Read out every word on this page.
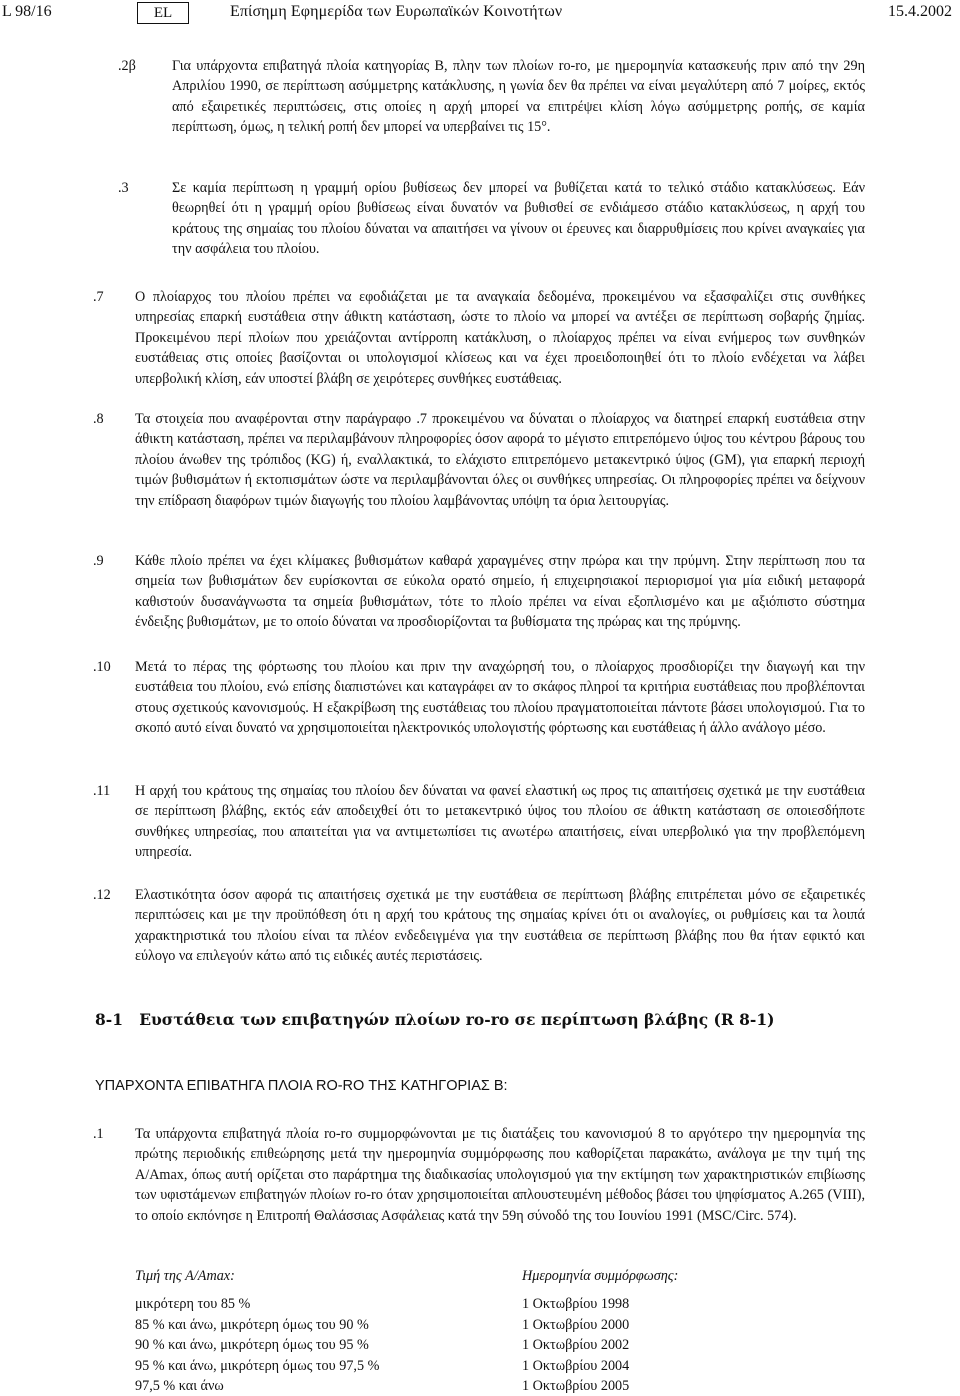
L 98/16	EL	Επίσημη Εφημερίδα των Ευρωπαϊκών Κοινοτήτων	15.4.2002
.2β	Για υπάρχοντα επιβατηγά πλοία κατηγορίας Β, πλην των πλοίων ro-ro, με ημερομηνία κατασκευής πριν από την 29η Απριλίου 1990, σε περίπτωση ασύμμετρης κατάκλυσης, η γωνία δεν θα πρέπει να είναι μεγαλύτερη από 7 μοίρες, εκτός από εξαιρετικές περιπτώσεις, στις οποίες η αρχή μπορεί να επιτρέψει κλίση λόγω ασύμμετρης ροπής, σε καμία περίπτωση, όμως, η τελική ροπή δεν μπορεί να υπερβαίνει τις 15°.
.3	Σε καμία περίπτωση η γραμμή ορίου βυθίσεως δεν μπορεί να βυθίζεται κατά το τελικό στάδιο κατακλύσεως. Εάν θεωρηθεί ότι η γραμμή ορίου βυθίσεως είναι δυνατόν να βυθισθεί σε ενδιάμεσο στάδιο κατακλύσεως, η αρχή του κράτους της σημαίας του πλοίου δύναται να απαιτήσει να γίνουν οι έρευνες και διαρρυθμίσεις που κρίνει αναγκαίες για την ασφάλεια του πλοίου.
.7 Ο πλοίαρχος του πλοίου πρέπει να εφοδιάζεται με τα αναγκαία δεδομένα, προκειμένου να εξασφαλίζει στις συνθήκες υπηρεσίας επαρκή ευστάθεια στην άθικτη κατάσταση, ώστε το πλοίο να μπορεί να αντέξει σε περίπτωση σοβαρής ζημίας. Προκειμένου περί πλοίων που χρειάζονται αντίρροπη κατάκλυση, ο πλοίαρχος πρέπει να είναι ενήμερος των συνθηκών ευστάθειας στις οποίες βασίζονται οι υπολογισμοί κλίσεως και να έχει προειδοποιηθεί ότι το πλοίο ενδέχεται να λάβει υπερβολική κλίση, εάν υποστεί βλάβη σε χειρότερες συνθήκες ευστάθειας.
.8 Τα στοιχεία που αναφέρονται στην παράγραφο .7 προκειμένου να δύναται ο πλοίαρχος να διατηρεί επαρκή ευστάθεια στην άθικτη κατάσταση, πρέπει να περιλαμβάνουν πληροφορίες όσον αφορά το μέγιστο επιτρεπόμενο ύψος του κέντρου βάρους του πλοίου άνωθεν της τρόπιδος (KG) ή, εναλλακτικά, το ελάχιστο επιτρεπόμενο μετακεντρικό ύψος (GM), για επαρκή περιοχή τιμών βυθισμάτων ή εκτοπισμάτων ώστε να περιλαμβάνονται όλες οι συνθήκες υπηρεσίας. Οι πληροφορίες πρέπει να δείχνουν την επίδραση διαφόρων τιμών διαγωγής του πλοίου λαμβάνοντας υπόψη τα όρια λειτουργίας.
.9 Κάθε πλοίο πρέπει να έχει κλίμακες βυθισμάτων καθαρά χαραγμένες στην πρώρα και την πρύμνη. Στην περίπτωση που τα σημεία των βυθισμάτων δεν ευρίσκονται σε εύκολα ορατό σημείο, ή επιχειρησιακοί περιορισμοί για μία ειδική μεταφορά καθιστούν δυσανάγνωστα τα σημεία βυθισμάτων, τότε το πλοίο πρέπει να είναι εξοπλισμένο και με αξιόπιστο σύστημα ένδειξης βυθισμάτων, με το οποίο δύναται να προσδιορίζονται τα βυθίσματα της πρώρας και της πρύμνης.
.10 Μετά το πέρας της φόρτωσης του πλοίου και πριν την αναχώρησή του, ο πλοίαρχος προσδιορίζει την διαγωγή και την ευστάθεια του πλοίου, ενώ επίσης διαπιστώνει και καταγράφει αν το σκάφος πληροί τα κριτήρια ευστάθειας που προβλέπονται στους σχετικούς κανονισμούς. Η εξακρίβωση της ευστάθειας του πλοίου πραγματοποιείται πάντοτε βάσει υπολογισμού. Για το σκοπό αυτό είναι δυνατό να χρησιμοποιείται ηλεκτρονικός υπολογιστής φόρτωσης και ευστάθειας ή άλλο ανάλογο μέσο.
.11 Η αρχή του κράτους της σημαίας του πλοίου δεν δύναται να φανεί ελαστική ως προς τις απαιτήσεις σχετικά με την ευστάθεια σε περίπτωση βλάβης, εκτός εάν αποδειχθεί ότι το μετακεντρικό ύψος του πλοίου σε άθικτη κατάσταση σε οποιεσδήποτε συνθήκες υπηρεσίας, που απαιτείται για να αντιμετωπίσει τις ανωτέρω απαιτήσεις, είναι υπερβολικό για την προβλεπόμενη υπηρεσία.
.12 Ελαστικότητα όσον αφορά τις απαιτήσεις σχετικά με την ευστάθεια σε περίπτωση βλάβης επιτρέπεται μόνο σε εξαιρετικές περιπτώσεις και με την προϋπόθεση ότι η αρχή του κράτους της σημαίας κρίνει ότι οι αναλογίες, οι ρυθμίσεις και τα λοιπά χαρακτηριστικά του πλοίου είναι τα πλέον ενδεδειγμένα για την ευστάθεια σε περίπτωση βλάβης που θα ήταν εφικτό και εύλογο να επιλεγούν κάτω από τις ειδικές αυτές περιστάσεις.
8-1   Ευστάθεια των επιβατηγών πλοίων ro-ro σε περίπτωση βλάβης (R 8-1)
ΥΠΑΡΧΟΝΤΑ ΕΠΙΒΑΤΗΓΑ ΠΛΟΙΑ RO-RO ΤΗΣ ΚΑΤΗΓΟΡΙΑΣ Β:
.1 Τα υπάρχοντα επιβατηγά πλοία ro-ro συμμορφώνονται με τις διατάξεις του κανονισμού 8 το αργότερο την ημερομηνία της πρώτης περιοδικής επιθεώρησης μετά την ημερομηνία συμμόρφωσης που καθορίζεται παρακάτω, ανάλογα με την τιμή της A/Amax, όπως αυτή ορίζεται στο παράρτημα της διαδικασίας υπολογισμού για την εκτίμηση των χαρακτηριστικών επιβίωσης των υφιστάμενων επιβατηγών πλοίων ro-ro όταν χρησιμοποιείται απλουστευμένη μέθοδος βάσει του ψηφίσματος A.265 (VIII), το οποίο εκπόνησε η Επιτροπή Θαλάσσιας Ασφάλειας κατά την 59η σύνοδό της του Ιουνίου 1991 (MSC/Circ. 574).
Τιμή της A/Amax:	Ημερομηνία συμμόρφωσης:
μικρότερη του 85 %	1 Οκτωβρίου 1998
85 % και άνω, μικρότερη όμως του 90 %	1 Οκτωβρίου 2000
90 % και άνω, μικρότερη όμως του 95 %	1 Οκτωβρίου 2002
95 % και άνω, μικρότερη όμως του 97,5 %	1 Οκτωβρίου 2004
97,5 % και άνω	1 Οκτωβρίου 2005
